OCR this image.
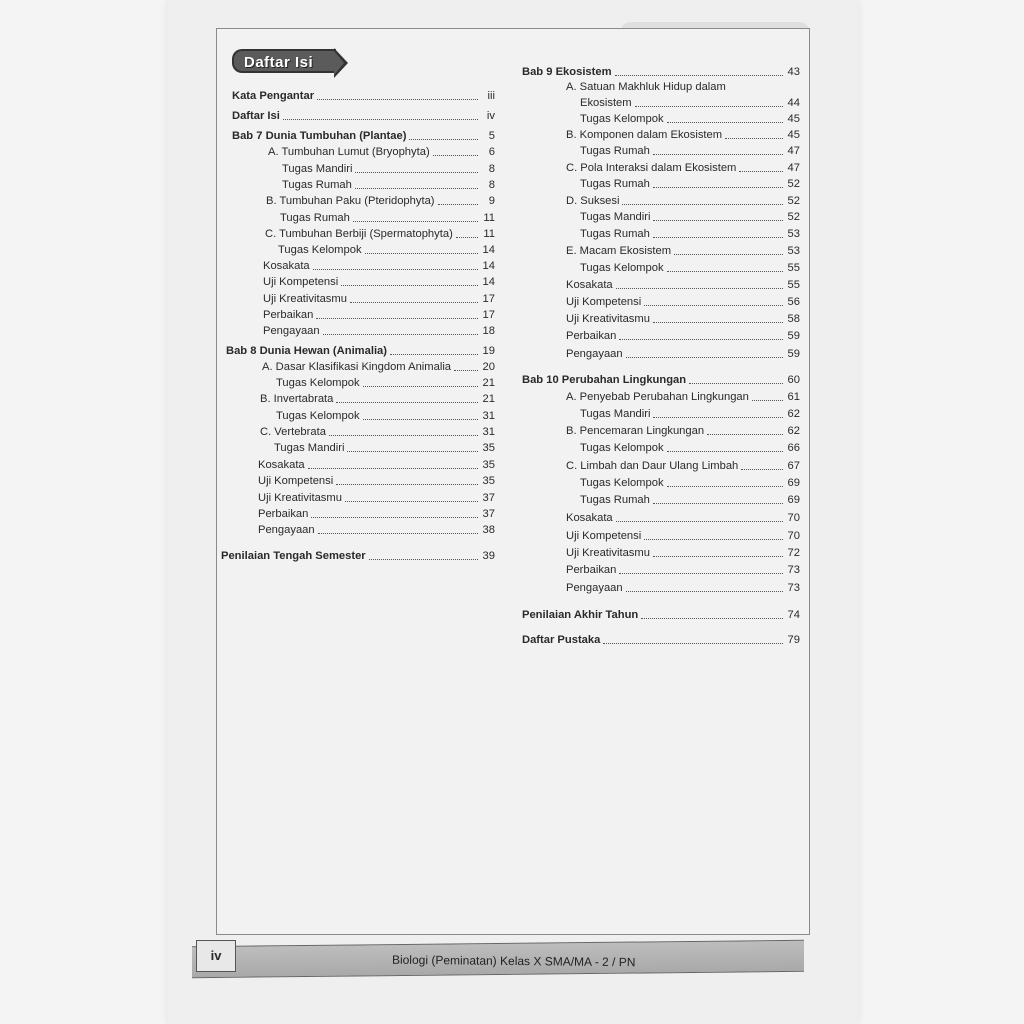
Daftar Isi
Kata Pengantar	iii
Daftar Isi	iv
Bab 7 Dunia Tumbuhan (Plantae)	5
A. Tumbuhan Lumut (Bryophyta)	6
Tugas Mandiri	8
Tugas Rumah	8
B. Tumbuhan Paku (Pteridophyta)	9
Tugas Rumah	11
C. Tumbuhan Berbiji (Spermatophyta)	11
Tugas Kelompok	14
Kosakata	14
Uji Kompetensi	14
Uji Kreativitasmu	17
Perbaikan	17
Pengayaan	18
Bab 8 Dunia Hewan (Animalia)	19
A. Dasar Klasifikasi Kingdom Animalia	20
Tugas Kelompok	21
B. Invertabrata	21
Tugas Kelompok	31
C. Vertebrata	31
Tugas Mandiri	35
Kosakata	35
Uji Kompetensi	35
Uji Kreativitasmu	37
Perbaikan	37
Pengayaan	38
Penilaian Tengah Semester	39
Bab 9 Ekosistem	43
A. Satuan Makhluk Hidup dalam
Ekosistem	44
Tugas Kelompok	45
B. Komponen dalam Ekosistem	45
Tugas Rumah	47
C. Pola Interaksi dalam Ekosistem	47
Tugas Rumah	52
D. Suksesi	52
Tugas Mandiri	52
Tugas Rumah	53
E. Macam Ekosistem	53
Tugas Kelompok	55
Kosakata	55
Uji Kompetensi	56
Uji Kreativitasmu	58
Perbaikan	59
Pengayaan	59
Bab 10 Perubahan Lingkungan	60
A. Penyebab Perubahan Lingkungan	61
Tugas Mandiri	62
B. Pencemaran Lingkungan	62
Tugas Kelompok	66
C. Limbah dan Daur Ulang Limbah	67
Tugas Kelompok	69
Tugas Rumah	69
Kosakata	70
Uji Kompetensi	70
Uji Kreativitasmu	72
Perbaikan	73
Pengayaan	73
Penilaian Akhir Tahun	74
Daftar Pustaka	79
iv	Biologi (Peminatan) Kelas X SMA/MA - 2 / PN
